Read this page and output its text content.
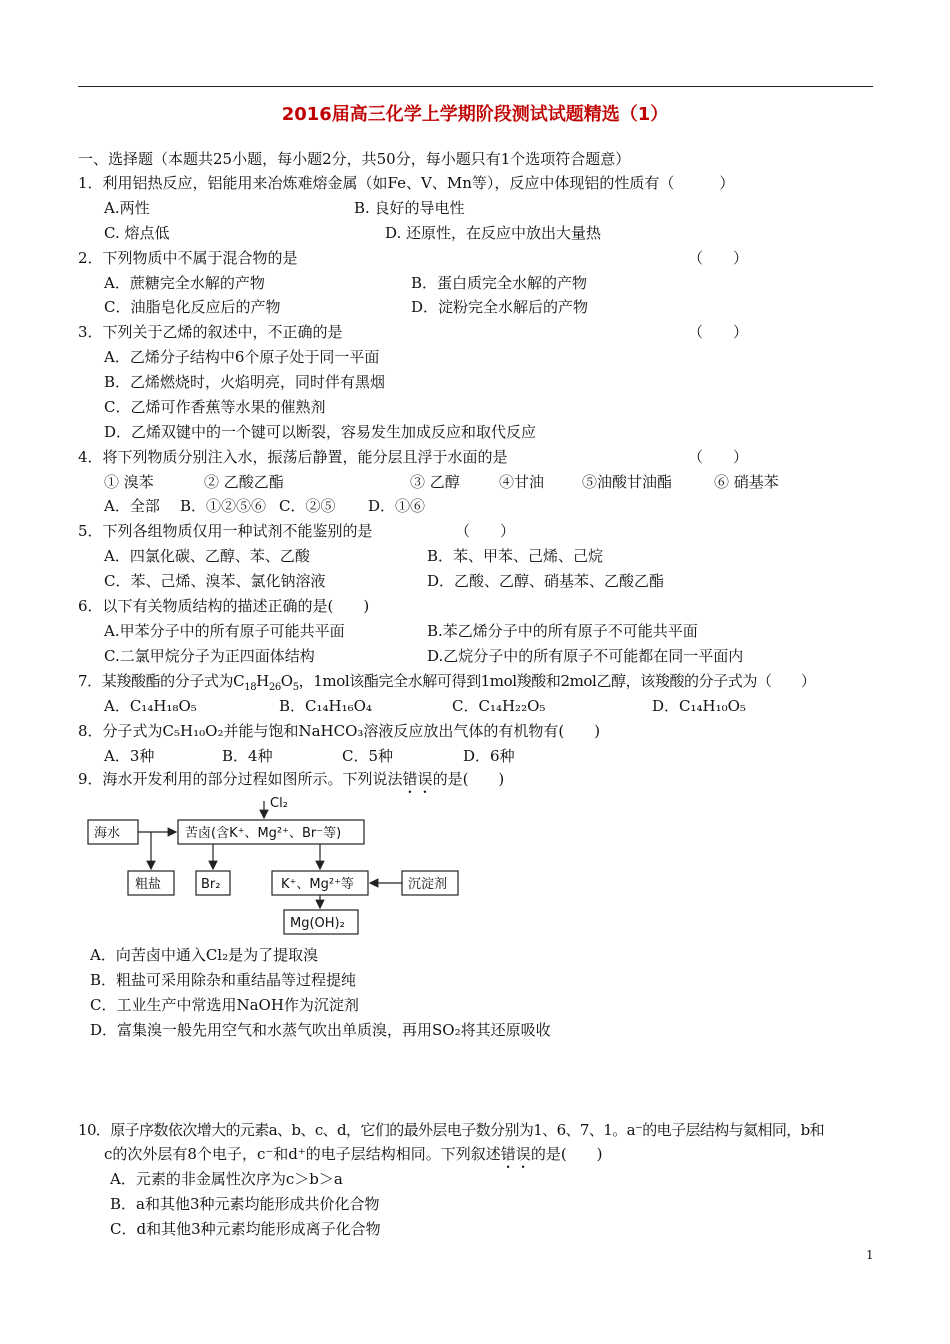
2016届高三化学上学期阶段测试试题精选（1）
一、选择题（本题共25小题，每小题2分，共50分，每小题只有1个选项符合题意）
1．利用铝热反应，铝能用来冶炼难熔金属（如Fe、V、Mn等），反应中体现铝的性质有（　　　）
A.两性	B. 良好的导电性
C. 熔点低	D. 还原性，在反应中放出大量热
2．下列物质中不属于混合物的是	（　　）
A．蔗糖完全水解的产物	B．蛋白质完全水解的产物
C．油脂皂化反应后的产物	D．淀粉完全水解后的产物
3．下列关于乙烯的叙述中，不正确的是	（　　）
A．乙烯分子结构中6个原子处于同一平面
B．乙烯燃烧时，火焰明亮，同时伴有黑烟
C．乙烯可作香蕉等水果的催熟剂
D．乙烯双键中的一个键可以断裂，容易发生加成反应和取代反应
4．将下列物质分别注入水，振荡后静置，能分层且浮于水面的是	（　　）
① 溴苯	② 乙酸乙酯	③ 乙醇	④甘油	⑤油酸甘油酯	⑥ 硝基苯
A．全部 B．①②⑤⑥ C．②⑤ D．①⑥
5．下列各组物质仅用一种试剂不能鉴别的是	（　　）
A．四氯化碳、乙醇、苯、乙酸	B．苯、甲苯、己烯、己烷
C．苯、己烯、溴苯、氯化钠溶液	D．乙酸、乙醇、硝基苯、乙酸乙酯
6．以下有关物质结构的描述正确的是(　　)
A.甲苯分子中的所有原子可能共平面	B.苯乙烯分子中的所有原子不可能共平面
C.二氯甲烷分子为正四面体结构	D.乙烷分子中的所有原子不可能都在同一平面内
7．某羧酸酯的分子式为$C_{18}H_{26}O_5$，1mol该酯完全水解可得到1mol羧酸和2mol乙醇，该羧酸的分子式为（　　）
A．C₁₄H₁₈O₅	B．C₁₄H₁₆O₄	C．C₁₄H₂₂O₅	D．C₁₄H₁₀O₅
8．分子式为C₅H₁₀O₂并能与饱和NaHCO₃溶液反应放出气体的有机物有(　　)
A．3种	B．4种	C．5种	D．6种
9．海水开发利用的部分过程如图所示。下列说法错误的是(　　)
海水	苦卤(含K⁺、Mg²⁺、Br⁻等)
Cl₂
粗盐	Br₂	K⁺、Mg²⁺等	沉淀剂
Mg(OH)₂
A．向苦卤中通入Cl₂是为了提取溴
B．粗盐可采用除杂和重结晶等过程提纯
C．工业生产中常选用NaOH作为沉淀剂
D．富集溴一般先用空气和水蒸气吹出单质溴，再用SO₂将其还原吸收
10．原子序数依次增大的元素a、b、c、d，它们的最外层电子数分别为1、6、7、1。a⁻的电子层结构与氦相同，b和
c的次外层有8个电子，c⁻和d⁺的电子层结构相同。下列叙述错误的是(　　)
A．元素的非金属性次序为c＞b＞a
B．a和其他3种元素均能形成共价化合物
C．d和其他3种元素均能形成离子化合物
1
